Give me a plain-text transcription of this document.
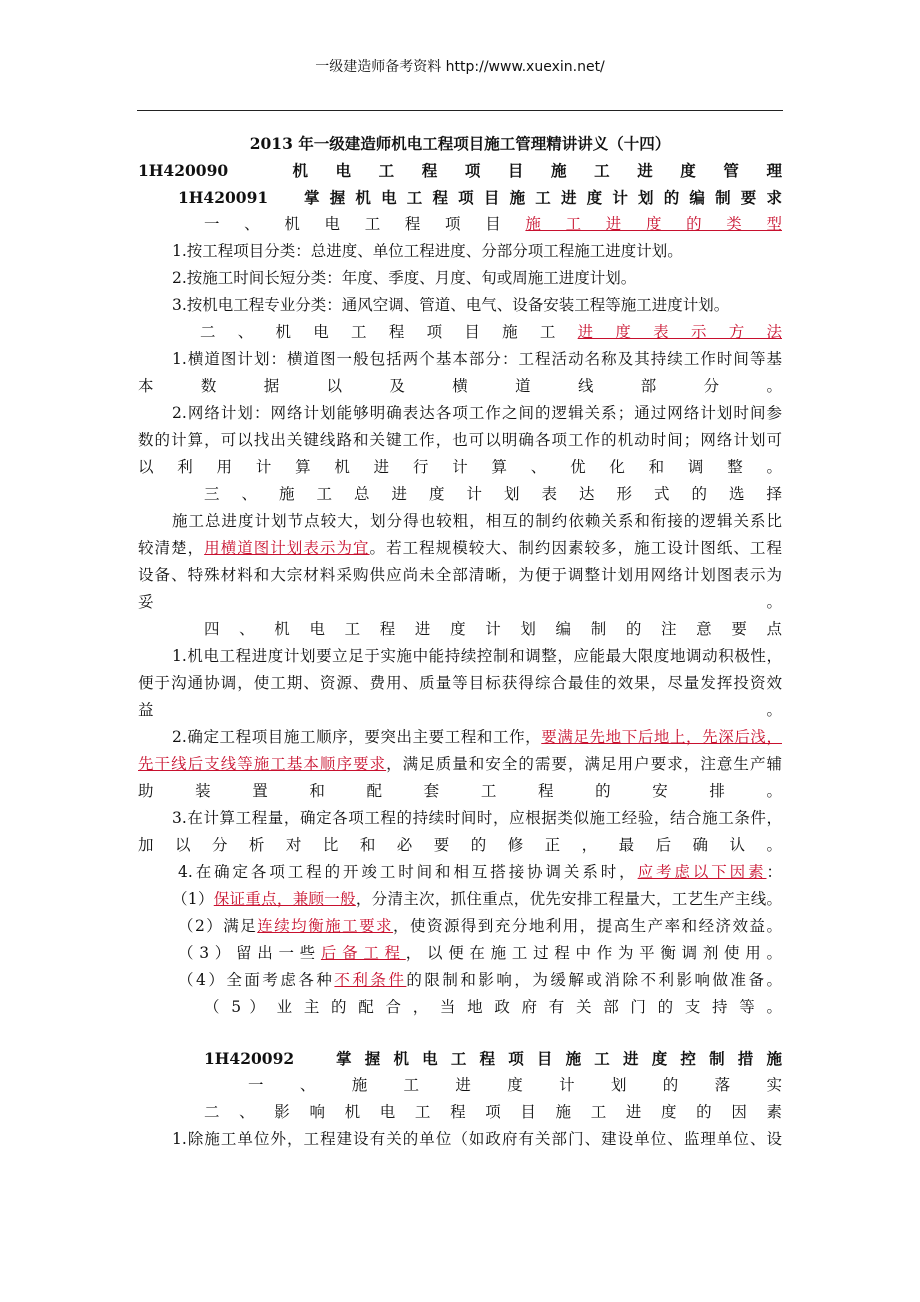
一级建造师备考资料 http://www.xuexin.net/
2013 年一级建造师机电工程项目施工管理精讲讲义（十四）
1H420090　　	机 电 工 程 项 目 施 工 进 度 管 理
1H420091　 掌握机电工程项目施工进度计划的编制要求
一 、 机 电 工 程 项 目 施 工 进 度 的 类 型
1.按工程项目分类：总进度、单位工程进度、分部分项工程施工进度计划。
2.按施工时间长短分类：年度、季度、月度、旬或周施工进度计划。
3.按机电工程专业分类：通风空调、管道、电气、设备安装工程等施工进度计划。
二 、 机 电 工 程 项 目 施 工 进 度 表 示 方 法
1.横道图计划：横道图一般包括两个基本部分：工程活动名称及其持续工作时间等基
本 数 据 以 及 横 道 线 部 分 。
2.网络计划：网络计划能够明确表达各项工作之间的逻辑关系；通过网络计划时间参
数的计算，可以找出关键线路和关键工作，也可以明确各项工作的机动时间；网络计划可
以 利 用 计 算 机 进 行 计 算 、 优 化 和 调 整 。
三 、 施 工 总 进 度 计 划 表 达 形 式 的 选 择
施工总进度计划节点较大，划分得也较粗，相互的制约依赖关系和衔接的逻辑关系比
较清楚，用横道图计划表示为宜。若工程规模较大、制约因素较多，施工设计图纸、工程
设备、特殊材料和大宗材料采购供应尚未全部清晰，为便于调整计划用网络计划图表示为
妥 。
四 、 机 电 工 程 进 度 计 划 编 制 的 注 意 要 点
1.机电工程进度计划要立足于实施中能持续控制和调整，应能最大限度地调动积极性，
便于沟通协调，使工期、资源、费用、质量等目标获得综合最佳的效果，尽量发挥投资效
益 。
2.确定工程项目施工顺序，要突出主要工程和工作，要满足先地下后地上，先深后浅，
先干线后支线等施工基本顺序要求，满足质量和安全的需要，满足用户要求，注意生产辅
助 装 置 和 配 套 工 程 的 安 排 。
3.在计算工程量，确定各项工程的持续时间时，应根据类似施工经验，结合施工条件，
加 以 分 析 对 比 和 必 要 的 修 正 ， 最 后 确 认 。
4.在确定各项工程的开竣工时间和相互搭接协调关系时，应考虑以下因素：
（1）保证重点，兼顾一般，分清主次，抓住重点，优先安排工程量大，工艺生产主线。
（2）满足连续均衡施工要求，使资源得到充分地利用，提高生产率和经济效益。
（3）留出一些后备工程，以便在施工过程中作为平衡调剂使用。
（4）全面考虑各种不利条件的限制和影响，为缓解或消除不利影响做准备。
（ 5 ） 业 主 的 配 合 ， 当 地 政 府 有 关 部 门 的 支 持 等 。
1H420092　	掌握机电工程项目施工进度控制措施
一 、 施 工 进 度 计 划 的 落 实
二 、 影 响 机 电 工 程 项 目 施 工 进 度 的 因 素
1.除施工单位外，工程建设有关的单位（如政府有关部门、建设单位、监理单位、设
